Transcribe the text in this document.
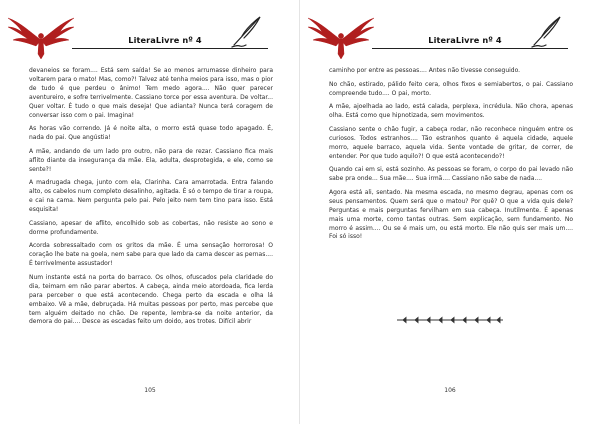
LiteraLivre nº 4

devaneios se foram.... Está sem saída! Se ao menos arrumasse dinheiro para voltarem para o mato! Mas, como?! Talvez até tenha meios para isso, mas o pior de tudo é que perdeu o ânimo! Tem medo agora.... Não quer parecer aventureiro, e sofre terrivelmente. Cassiano torce por essa aventura. De voltar... Quer voltar. É tudo o que mais deseja! Que adianta? Nunca terá coragem de conversar isso com o pai. Imagina!

As horas vão correndo. Já é noite alta, o morro está quase todo apagado. É, nada do pai. Que angústia!

A mãe, andando de um lado pro outro, não para de rezar. Cassiano fica mais aflito diante da insegurança da mãe. Ela, adulta, desprotegida, e ele, como se sente?!

A madrugada chega, junto com ela, Clarinha. Cara amarrotada. Entra falando alto, os cabelos num completo desalinho, agitada. É só o tempo de tirar a roupa, e cai na cama. Nem pergunta pelo pai. Pelo jeito nem tem tino para isso. Está esquisita!

Cassiano, apesar de aflito, encolhido sob as cobertas, não resiste ao sono e dorme profundamente.

Acorda sobressaltado com os gritos da mãe. É uma sensação horrorosa! O coração lhe bate na goela, nem sabe para que lado da cama descer as pernas.... É terrivelmente assustador!

Num instante está na porta do barraco. Os olhos, ofuscados pela claridade do dia, teimam em não parar abertos. A cabeça, ainda meio atordoada, fica lerda para perceber o que está acontecendo. Chega perto da escada e olha lá embaixo. Vê a mãe, debruçada. Há muitas pessoas por perto, mas percebe que tem alguém deitado no chão. De repente, lembra-se da noite anterior, da demora do pai.... Desce as escadas feito um doido, aos trotes. Difícil abrir

105
LiteraLivre nº 4

caminho por entre as pessoas.... Antes não tivesse conseguido.

No chão, estirado, pálido feito cera, olhos fixos e semiabertos, o pai. Cassiano compreende tudo.... O pai, morto.

A mãe, ajoelhada ao lado, está calada, perplexa, incrédula. Não chora, apenas olha. Está como que hipnotizada, sem movimentos.

Cassiano sente o chão fugir, a cabeça rodar, não reconhece ninguém entre os curiosos. Todos estranhos.... Tão estranhos quanto é aquela cidade, aquele morro, aquele barraco, aquela vida. Sente vontade de gritar, de correr, de entender. Por que tudo aquilo?! O que está acontecendo?!

Quando cai em si, está sozinho. As pessoas se foram, o corpo do pai levado não sabe pra onde... Sua mãe.... Sua irmã.... Cassiano não sabe de nada....

Agora está ali, sentado. Na mesma escada, no mesmo degrau, apenas com os seus pensamentos. Quem será que o matou? Por quê? O que a vida quis dele? Perguntas e mais perguntas fervilham em sua cabeça. Inutilmente. É apenas mais uma morte, como tantas outras. Sem explicação, sem fundamento. No morro é assim.... Ou se é mais um, ou está morto. Ele não quis ser mais um.... Foi só isso!

106
